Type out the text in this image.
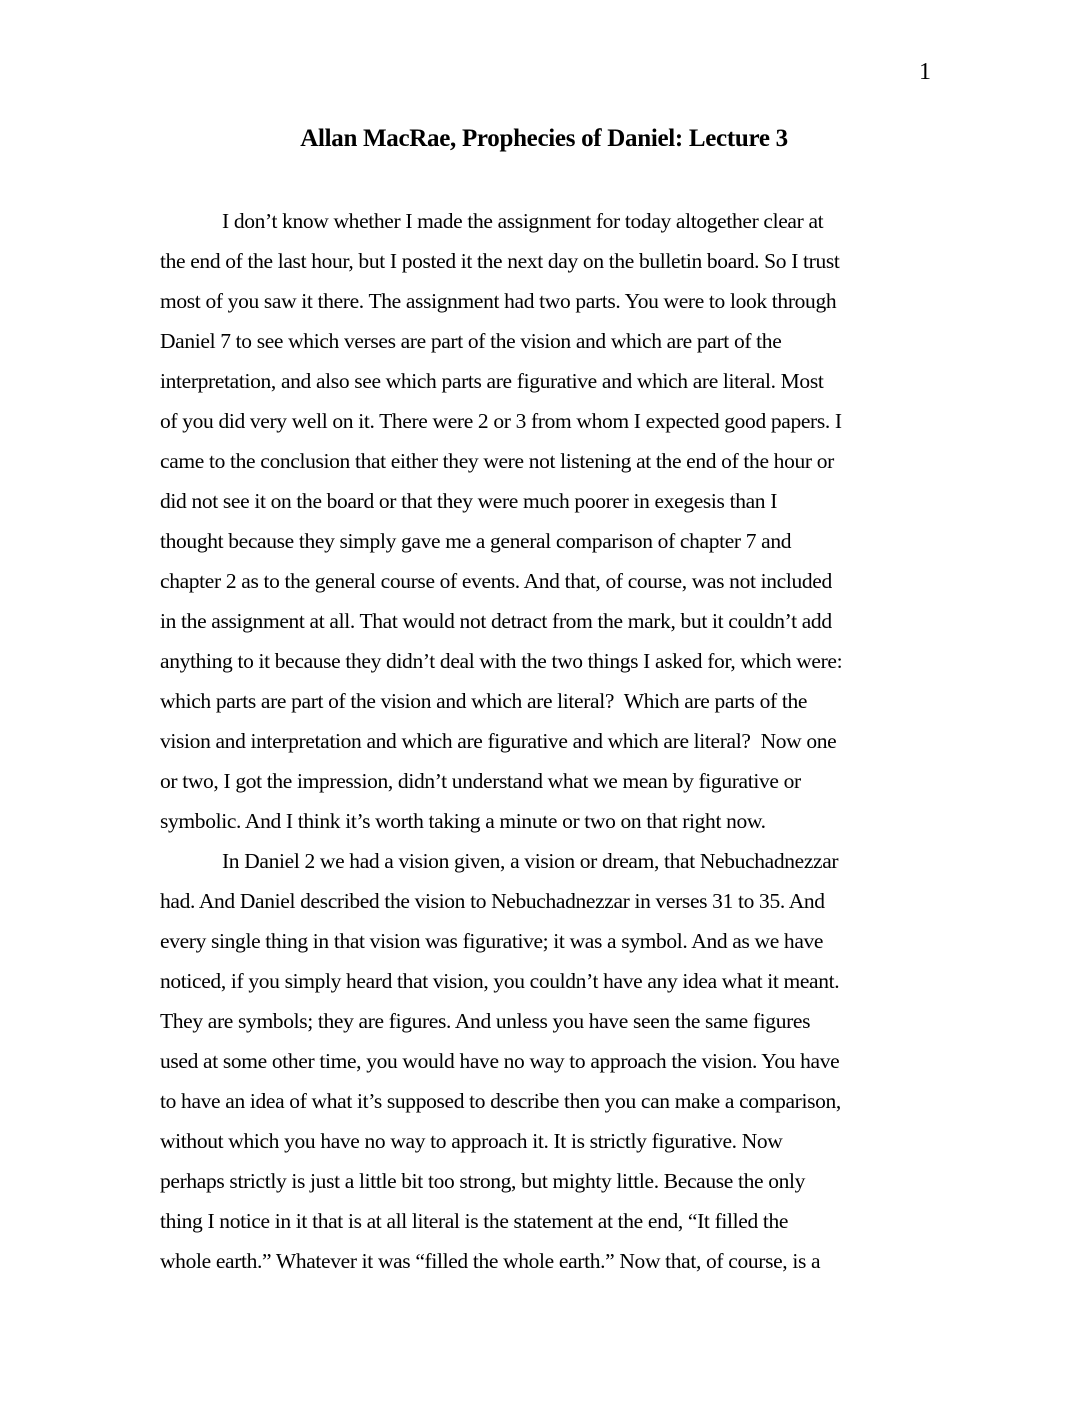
1
Allan MacRae, Prophecies of Daniel: Lecture 3
I don’t know whether I made the assignment for today altogether clear at
the end of the last hour, but I posted it the next day on the bulletin board. So I trust
most of you saw it there. The assignment had two parts. You were to look through
Daniel 7 to see which verses are part of the vision and which are part of the
interpretation, and also see which parts are figurative and which are literal. Most
of you did very well on it. There were 2 or 3 from whom I expected good papers. I
came to the conclusion that either they were not listening at the end of the hour or
did not see it on the board or that they were much poorer in exegesis than I
thought because they simply gave me a general comparison of chapter 7 and
chapter 2 as to the general course of events. And that, of course, was not included
in the assignment at all. That would not detract from the mark, but it couldn’t add
anything to it because they didn’t deal with the two things I asked for, which were:
which parts are part of the vision and which are literal?  Which are parts of the
vision and interpretation and which are figurative and which are literal?  Now one
or two, I got the impression, didn’t understand what we mean by figurative or
symbolic. And I think it’s worth taking a minute or two on that right now.
In Daniel 2 we had a vision given, a vision or dream, that Nebuchadnezzar
had. And Daniel described the vision to Nebuchadnezzar in verses 31 to 35. And
every single thing in that vision was figurative; it was a symbol. And as we have
noticed, if you simply heard that vision, you couldn’t have any idea what it meant.
They are symbols; they are figures. And unless you have seen the same figures
used at some other time, you would have no way to approach the vision. You have
to have an idea of what it’s supposed to describe then you can make a comparison,
without which you have no way to approach it. It is strictly figurative. Now
perhaps strictly is just a little bit too strong, but mighty little. Because the only
thing I notice in it that is at all literal is the statement at the end, “It filled the
whole earth.” Whatever it was “filled the whole earth.” Now that, of course, is a
